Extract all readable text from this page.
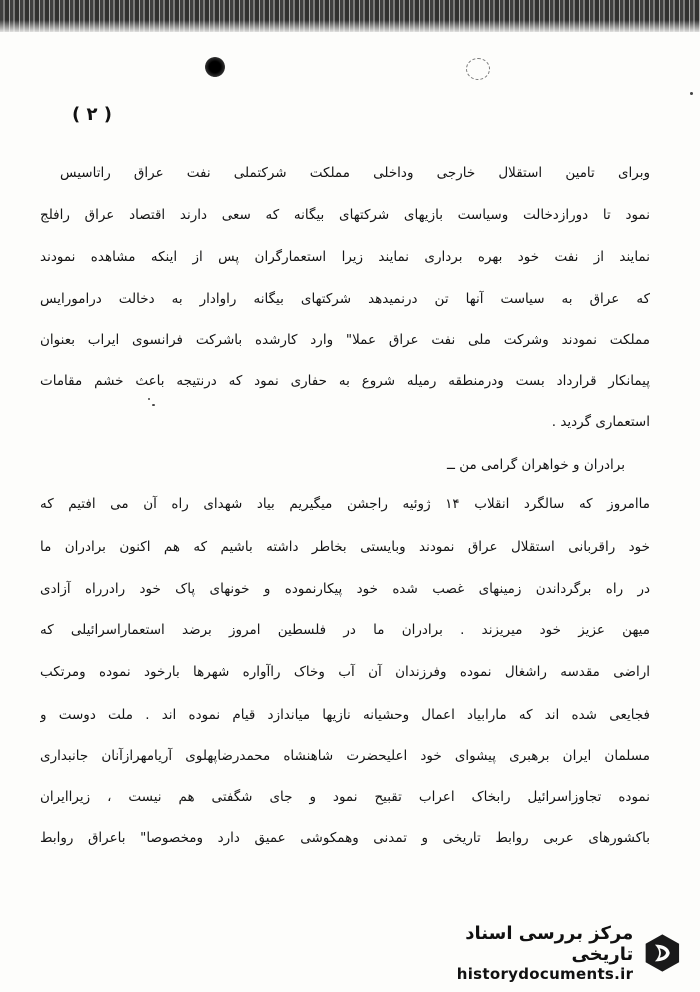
( ۲ )
وبرای تامین استقلال خارجی وداخلی مملکت شرکتملی نفت عراق راتاسیس
نمود تا دورازدخالت وسیاست بازیهای شرکتهای بیگانه که سعی دارند اقتصاد عراق رافلج
نمایند از نفت خود بهره برداری نمایند زیرا استعمارگران پس از اینکه مشاهده نمودند
که عراق به سیاست آنها تن درنمیدهد شرکتهای بیگانه راوادار به دخالت درامورایس
مملکت نمودند وشرکت ملی نفت عراق عملا" وارد کارشده باشرکت فرانسوی ایراب بعنوان
پیمانکار قرارداد بست ودرمنطقه رمیله شروع به حفاری نمود که درنتیجه باعث خشم مقامات
استعماری گردید .
برادران و خواهران گرامی من ــ
ماامروز که سالگرد انقلاب ۱۴ ژوئیه راجشن میگیریم بیاد شهدای راه آن می افتیم که
خود راقربانی استقلال عراق نمودند وبایستی بخاطر داشته باشیم که هم اکنون برادران ما
در راه برگرداندن زمینهای غصب شده خود پیکارنموده و خونهای پاک خود رادرراه آزادی
میهن عزیز خود میریزند . برادران ما در فلسطین امروز برضد استعماراسرائیلی که
اراضی مقدسه راشغال نموده وفرزندان آن آب وخاک راآواره شهرها بارخود نموده ومرتکب
فجایعی شده اند که مارابیاد اعمال وحشیانه نازیها میاندازد قیام نموده اند . ملت دوست و
مسلمان ایران برهبری پیشوای خود اعلیحضرت شاهنشاه محمدرضاپهلوی آریامهرازآنان جانبداری
نموده تجاوزاسرائیل رابخاک اعراب تقبیح نمود و جای شگفتی هم نیست ، زیراایران
باکشورهای عربی روابط تاریخی و تمدنی وهمکوشی عمیق دارد ومخصوصا" باعراق روابط
مرکز بررسی اسناد تاریخی
historydocuments.ir
